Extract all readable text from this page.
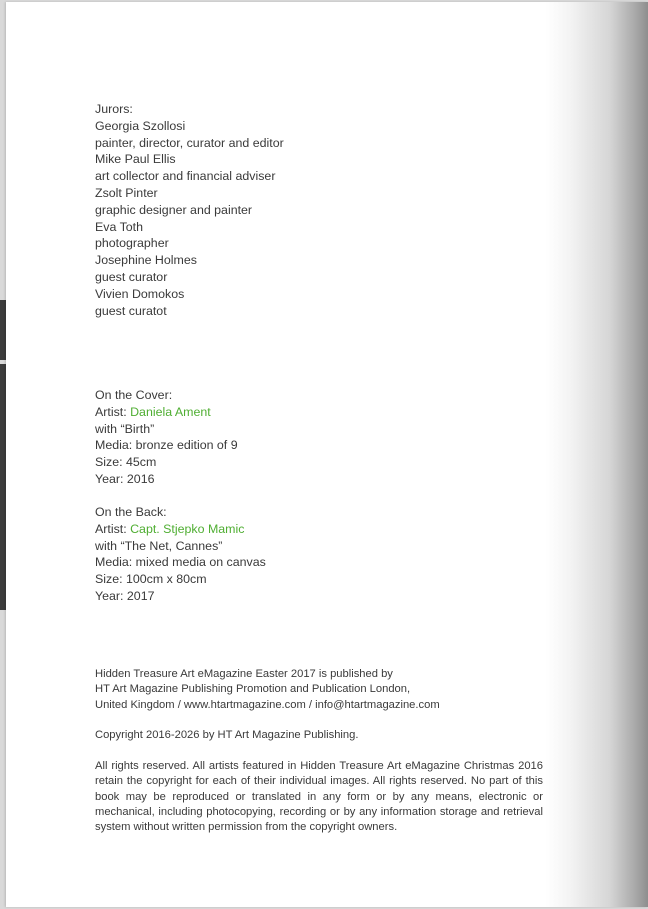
Jurors:
Georgia Szollosi
painter, director, curator and editor
Mike Paul Ellis
art collector and financial adviser
Zsolt Pinter
graphic designer and painter
Eva Toth
photographer
Josephine Holmes
guest curator
Vivien Domokos
guest curatot
On the Cover:
Artist: Daniela Ament
with “Birth”
Media: bronze edition of 9
Size: 45cm
Year: 2016
On the Back:
Artist: Capt. Stjepko Mamic
with “The Net, Cannes”
Media: mixed media on canvas
Size: 100cm x 80cm
Year: 2017
Hidden Treasure Art eMagazine Easter 2017 is published by
HT Art Magazine Publishing Promotion and Publication London,
United Kingdom / www.htartmagazine.com / info@htartmagazine.com
Copyright 2016-2026 by HT Art Magazine Publishing.
All rights reserved. All artists featured in Hidden Treasure Art eMagazine Christmas 2016 retain the copyright for each of their individual images. All rights reserved. No part of this book may be reproduced or translated in any form or by any means, electronic or mechanical, including photocopying, recording or by any information storage and retrieval system without written permission from the copyright owners.
